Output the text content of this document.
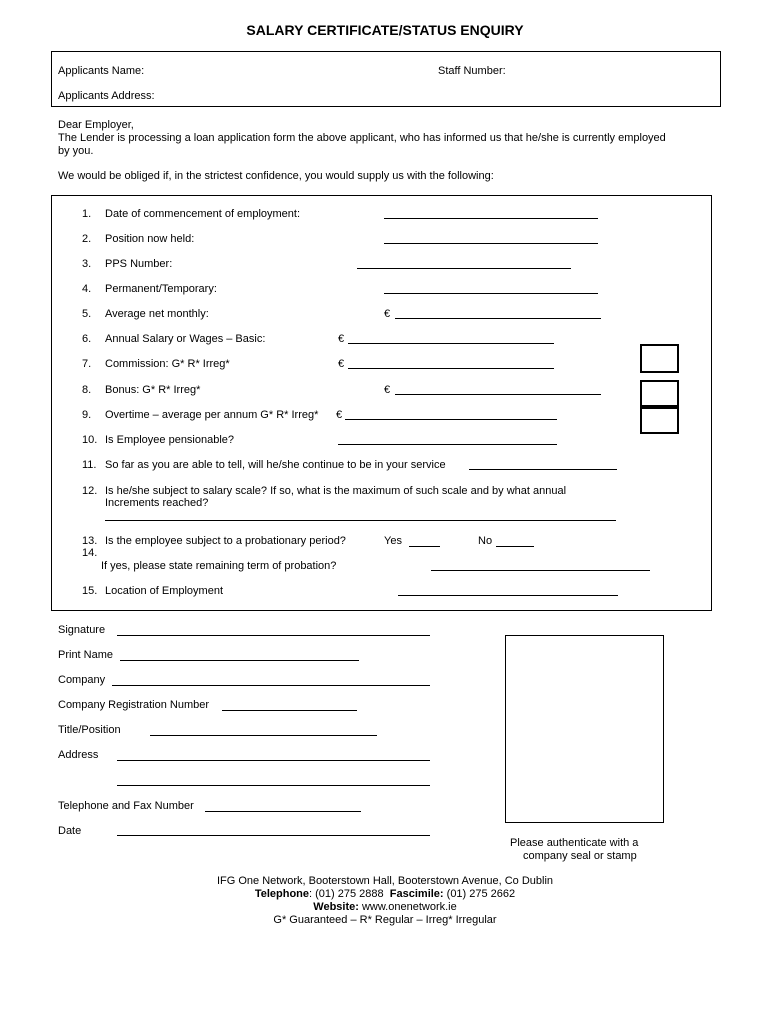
SALARY CERTIFICATE/STATUS ENQUIRY
Applicants Name:	Staff Number:
Applicants Address:
Dear Employer,
The Lender is processing a loan application form the above applicant, who has informed us that he/she is currently employed
by you.
We would be obliged if, in the strictest confidence, you would supply us with the following:
1. Date of commencement of employment:
2. Position now held:
3. PPS Number:
4. Permanent/Temporary:
5. Average net monthly:	€
6. Annual Salary or Wages – Basic:	€
7. Commission: G* R* Irreg*	€
8. Bonus: G* R* Irreg*	€
9. Overtime – average per annum G* R* Irreg* €
10. Is Employee pensionable?
11. So far as you are able to tell, will he/she continue to be in your service
12. Is he/she subject to salary scale? If so, what is the maximum of such scale and by what annual
Increments reached?
13. Is the employee subject to a probationary period?	Yes	No
14.
If yes, please state remaining term of probation?
15. Location of Employment
Signature
Print Name
Company
Company Registration Number
Title/Position
Address
Telephone and Fax Number
Date
Please authenticate with a
company seal or stamp
IFG One Network, Booterstown Hall, Booterstown Avenue, Co Dublin
Telephone: (01) 275 2888 Fascimile: (01) 275 2662
Website: www.onenetwork.ie
G* Guaranteed – R* Regular – Irreg* Irregular
